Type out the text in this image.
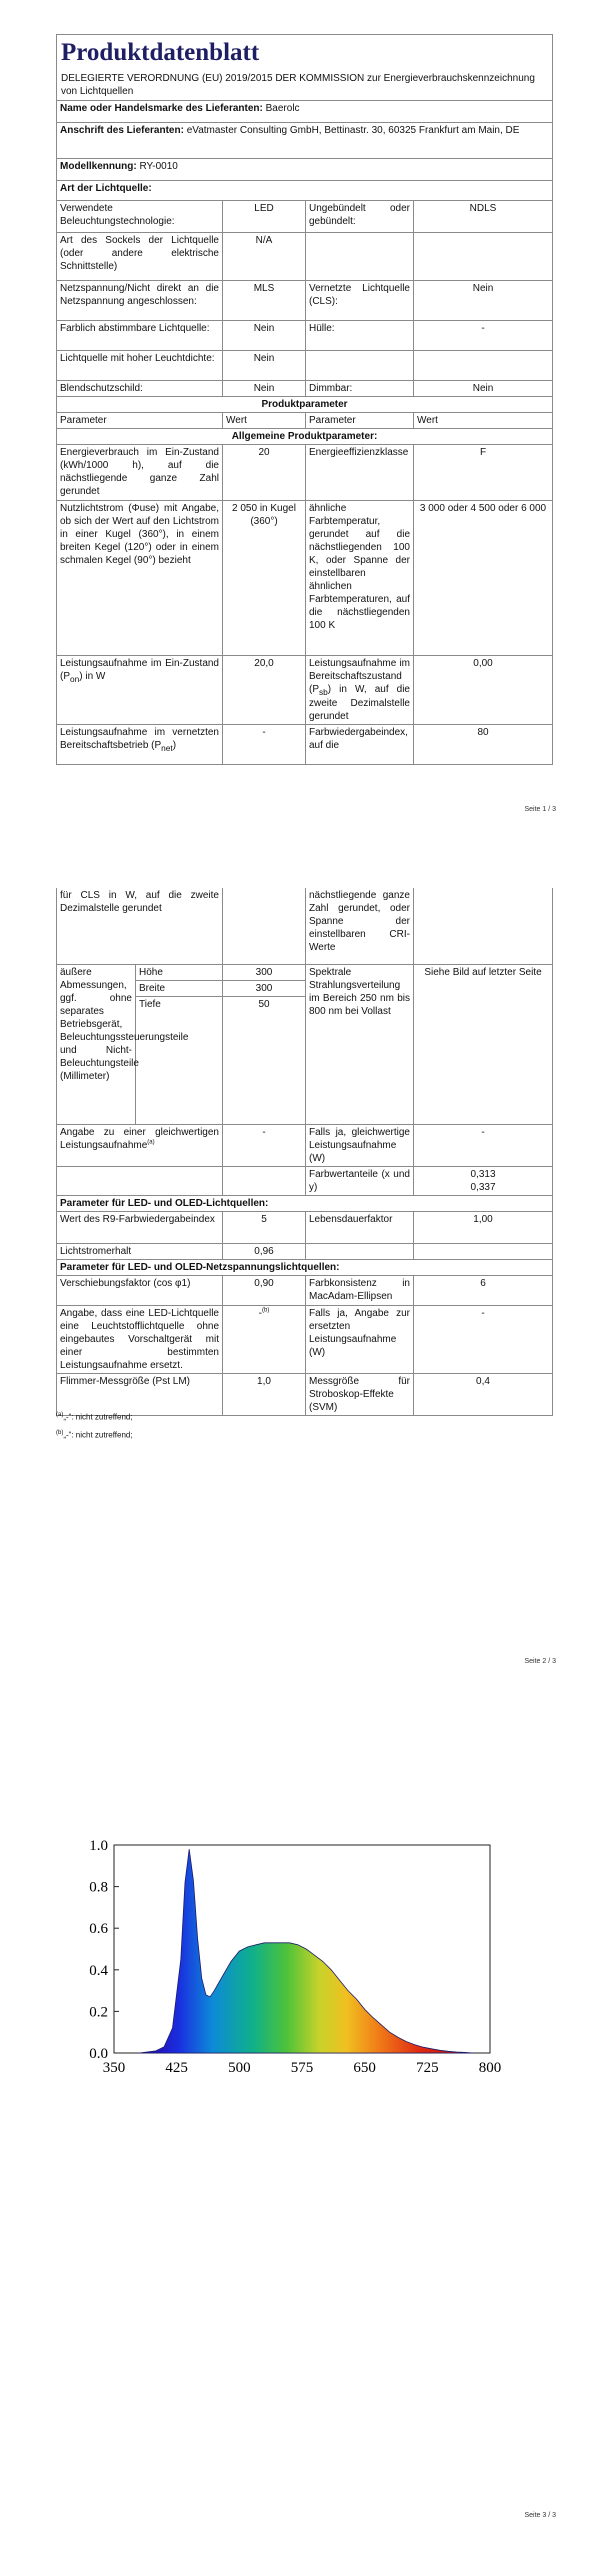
Produktdatenblatt
DELEGIERTE VERORDNUNG (EU) 2019/2015 DER KOMMISSION zur Energieverbrauchskennzeichnung von Lichtquellen			

Name oder Handelsmarke des Lieferanten: Baerolc			
Anschrift des Lieferanten: eVatmaster Consulting GmbH, Bettinastr. 30, 60325 Frankfurt am Main, DE			
Modellkennung: RY-0010			
Art der Lichtquelle:			
Verwendete Beleuchtungstechnologie:	LED	Ungebündelt oder gebündelt:	NDLS
Art des Sockels der Lichtquelle (oder andere elektrische Schnittstelle)	N/A		
Netzspannung/Nicht direkt an die Netzspannung angeschlossen:	MLS	Vernetzte Lichtquelle (CLS):	Nein
Farblich abstimmbare Lichtquelle:	Nein	Hülle:	-
Lichtquelle mit hoher Leuchtdichte:	Nein		
Blendschutzschild:	Nein	Dimmbar:	Nein
Produktparameter			
Parameter	Wert	Parameter	Wert
Allgemeine Produktparameter:			
Energieverbrauch im Ein-Zustand (kWh/1000 h), auf die nächstliegende ganze Zahl gerundet	20	Energieeffizienzklasse	F
Nutzlichtstrom (Φuse) mit Angabe, ob sich der Wert auf den Lichtstrom in einer Kugel (360°), in einem breiten Kegel (120°) oder in einem schmalen Kegel (90°) bezieht	2 050 in Kugel (360°)	ähnliche Farbtemperatur, gerundet auf die nächstliegenden 100 K, oder Spanne der einstellbaren ähnlichen Farbtemperaturen, auf die nächstliegenden 100 K	3 000 oder 4 500 oder 6 000
Leistungsaufnahme im Ein-Zustand $(P_{on})$ in W	20,0	Leistungsaufnahme im Bereitschaftszustand $(P_{sb})$ in W, auf die zweite Dezimalstelle gerundet	0,00
Leistungsaufnahme im vernetzten Bereitschaftsbetrieb $(P_{net})$	-	Farbwiedergabeindex, auf die	80
Seite 1 / 3
für CLS in W, auf die zweite Dezimalstelle gerundet			nächstliegende ganze Zahl gerundet, oder Spanne der einstellbaren CRI-Werte	
äußere Abmessungen, ggf. ohne separates Betriebsgerät, Beleuchtungssteuerungsteile und Nicht-Beleuchtungsteile (Millimeter)	Höhe	300	Spektrale Strahlungsverteilung im Bereich 250 nm bis 800 nm bei Vollast	Siehe Bild auf letzter Seite
	Breite	300		
	Tiefe	50		
Angabe zu einer gleichwertigen Leistungsaufnahme$^{(a)}$		-	Falls ja, gleichwertige Leistungsaufnahme (W)	-
			Farbwertanteile (x und y)	0,313
0,337

Parameter für LED- und OLED-Lichtquellen:				
Wert des R9-Farbwiedergabeindex		5	Lebensdauerfaktor	1,00
Lichtstromerhalt		0,96		
Parameter für LED- und OLED-Netzspannungslichtquellen:				
Verschiebungsfaktor (cos φ1)		0,90	Farbkonsistenz in MacAdam-Ellipsen	6
Angabe, dass eine LED-Lichtquelle eine Leuchtstofflichtquelle ohne eingebautes Vorschaltgerät mit einer bestimmten Leistungsaufnahme ersetzt.		-$^{(b)}$	Falls ja, Angabe zur ersetzten Leistungsaufnahme (W)	-
Flimmer-Messgröße (Pst LM)		1,0	Messgröße für Stroboskop-Effekte (SVM)	0,4
$^{(a)}$„-“: nicht zutreffend;
$^{(b)}$„-“: nicht zutreffend;
Seite 2 / 3
0.0
0.2
0.4
0.6
0.8
1.0
350	425	500	575	650	725	800
Seite 3 / 3
